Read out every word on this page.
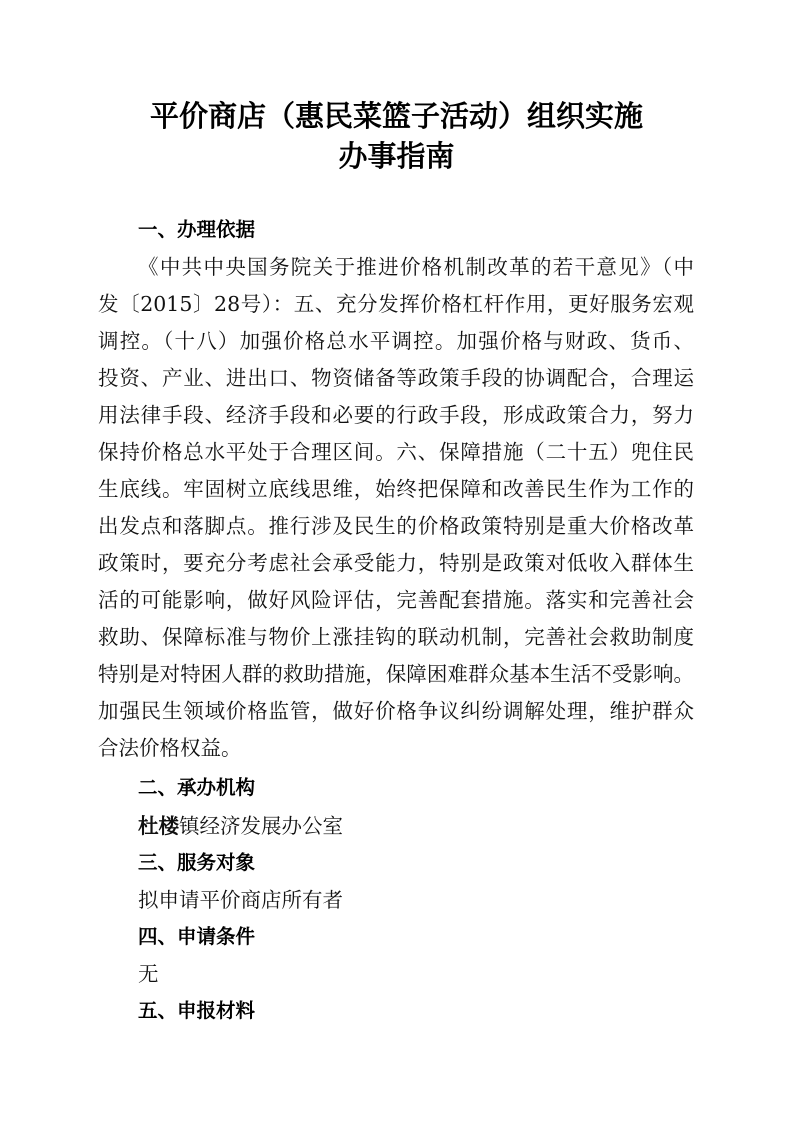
平价商店（惠民菜篮子活动）组织实施
办事指南
一、办理依据

《中共中央国务院关于推进价格机制改革的若干意见》（中

发〔2015〕28号）：五、充分发挥价格杠杆作用，更好服务宏观

调控。（十八）加强价格总水平调控。加强价格与财政、货币、

投资、产业、进出口、物资储备等政策手段的协调配合，合理运

用法律手段、经济手段和必要的行政手段，形成政策合力，努力

保持价格总水平处于合理区间。六、保障措施（二十五）兜住民

生底线。牢固树立底线思维，始终把保障和改善民生作为工作的

出发点和落脚点。推行涉及民生的价格政策特别是重大价格改革

政策时，要充分考虑社会承受能力，特别是政策对低收入群体生

活的可能影响，做好风险评估，完善配套措施。落实和完善社会

救助、保障标准与物价上涨挂钩的联动机制，完善社会救助制度

特别是对特困人群的救助措施，保障困难群众基本生活不受影响。

加强民生领域价格监管，做好价格争议纠纷调解处理，维护群众

合法价格权益。

二、承办机构

杜楼镇经济发展办公室

三、服务对象

拟申请平价商店所有者

四、申请条件

无

五、申报材料
